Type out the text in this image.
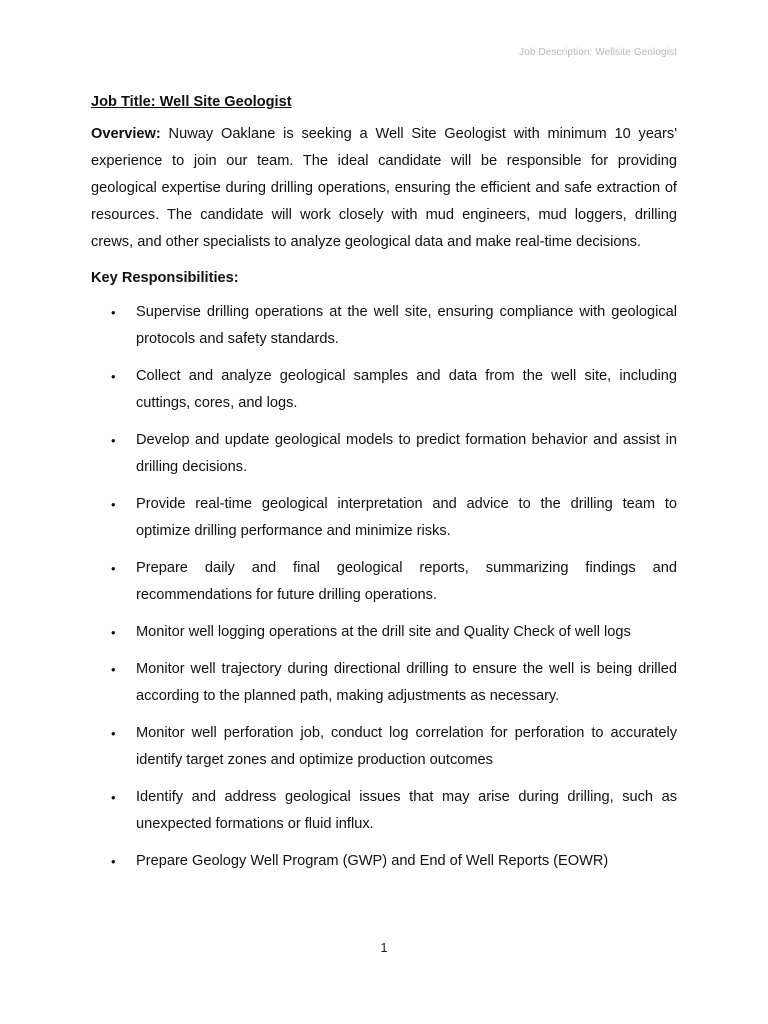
Job Description: Wellsite Geologist
Job Title: Well Site Geologist

Overview: Nuway Oaklane is seeking a Well Site Geologist with minimum 10 years' experience to join our team. The ideal candidate will be responsible for providing geological expertise during drilling operations, ensuring the efficient and safe extraction of resources. The candidate will work closely with mud engineers, mud loggers, drilling crews, and other specialists to analyze geological data and make real-time decisions.

Key Responsibilities:
• Supervise drilling operations at the well site, ensuring compliance with geological protocols and safety standards.
• Collect and analyze geological samples and data from the well site, including cuttings, cores, and logs.
• Develop and update geological models to predict formation behavior and assist in drilling decisions.
• Provide real-time geological interpretation and advice to the drilling team to optimize drilling performance and minimize risks.
• Prepare daily and final geological reports, summarizing findings and recommendations for future drilling operations.
• Monitor well logging operations at the drill site and Quality Check of well logs
• Monitor well trajectory during directional drilling to ensure the well is being drilled according to the planned path, making adjustments as necessary.
• Monitor well perforation job, conduct log correlation for perforation to accurately identify target zones and optimize production outcomes
• Identify and address geological issues that may arise during drilling, such as unexpected formations or fluid influx.
• Prepare Geology Well Program (GWP) and End of Well Reports (EOWR)
1
